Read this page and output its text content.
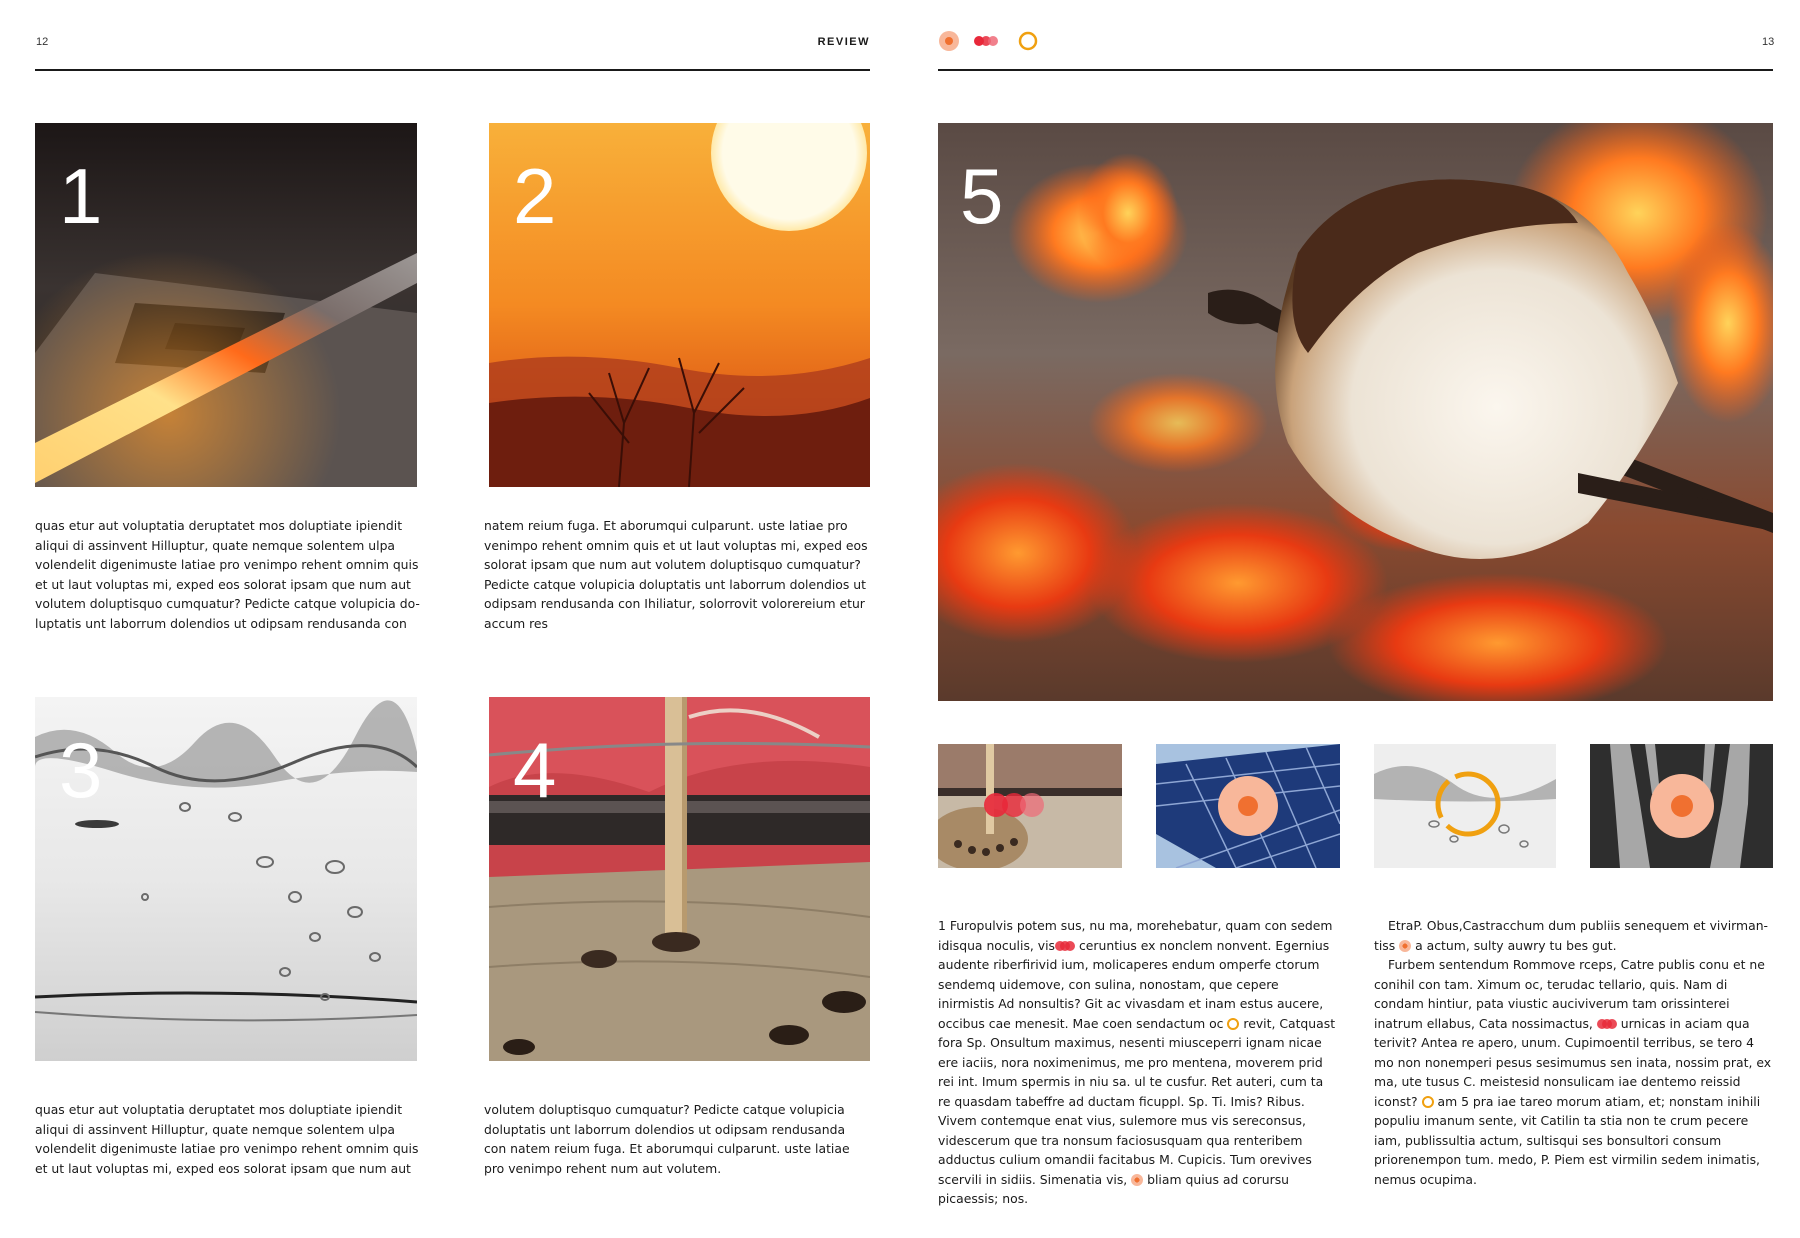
12	REVIEW	13
1	2
3	4
quas etur aut voluptatia deruptatet mos doluptiate ipiendit aliqui di assinvent Hilluptur, quate nemque solentem ulpa volendelit digenimuste latiae pro venimpo rehent omnim quis et ut laut voluptas mi, exped eos solorat ipsam que num aut volutem doluptisquo cumquatur? Pedicte catque volupicia do-luptatis unt laborrum dolendios ut odipsam rendusanda con
natem reium fuga. Et aborumqui culparunt. uste latiae pro venimpo rehent omnim quis et ut laut voluptas mi, exped eos solorat ipsam que num aut volutem doluptisquo cumquatur? Pedicte catque volupicia doluptatis unt laborrum dolendios ut odipsam rendusanda con Ihiliatur, solorrovit volorereium etur accum res
quas etur aut voluptatia deruptatet mos doluptiate ipiendit aliqui di assinvent Hilluptur, quate nemque solentem ulpa volendelit digenimuste latiae pro venimpo rehent omnim quis et ut laut voluptas mi, exped eos solorat ipsam que num aut
volutem doluptisquo cumquatur? Pedicte catque volupicia doluptatis unt laborrum dolendios ut odipsam rendusanda con natem reium fuga. Et aborumqui culparunt. uste latiae pro venimpo rehent num aut volutem.
5
1 Furopulvis potem sus, nu ma, morehebatur, quam con sedem idisqua noculis, vis
ceruntius ex nonclem nonvent. Egernius audente riberfirivid ium, molicaperes endum omperfe ctorum sendemq uidemove, con sulina, nonostam, que cepere inirmistis Ad nonsultis? Git ac vivasdam et inam estus aucere, occibus cae menesit. Mae coen sendactum oc  revit, Catquast fora Sp. Onsultum maximus, nesenti miusceperri ignam nicae ere iaciis, nora noximenimus, me pro mentena, moverem prid rei int. Imum spermis in niu sa. ul te cusfur. Ret auteri, cum ta re quasdam tabeffre ad ductam ficuppl. Sp. Ti. Imis? Ribus. Vivem contemque enat vius, sulemore mus vis sereconsus, videscerum que tra nonsum faciosusquam qua renteribem adductus culium omandii facitabus M. Cupicis. Tum orevives scervili in sidiis. Simenatia vis,  bliam quius ad corursu picaessis; nos.

EtraP. Obus,Castracchum dum publiis senequem et vivirman-tiss  a actum, sulty auwry tu bes gut.

Furbem sentendum Rommove rceps, Catre publis conu et ne conihil con tam. Ximum oc, terudac tellario, quis. Nam di condam hintiur, pata viustic auciviverum tam orissinterei inatrum ellabus, Cata nossimactus,
urnicas in aciam qua terivit? Antea re apero, unum. Cupimoentil terribus, se tero 4 mo non nonemperi pesus sesimumus sen inata, nossim prat, ex ma, ute tusus C. meistesid nonsulicam iae dentemo reissid iconst?  am 5 pra iae tareo morum atiam, et; nonstam inihili populiu imanum sente, vit Catilin ta stia non te crum pecere iam, publissultia actum, sultisqui ses bonsultori consum priorenempon tum. medo, P. Piem est virmilin sedem inimatis, nemus ocupima.
